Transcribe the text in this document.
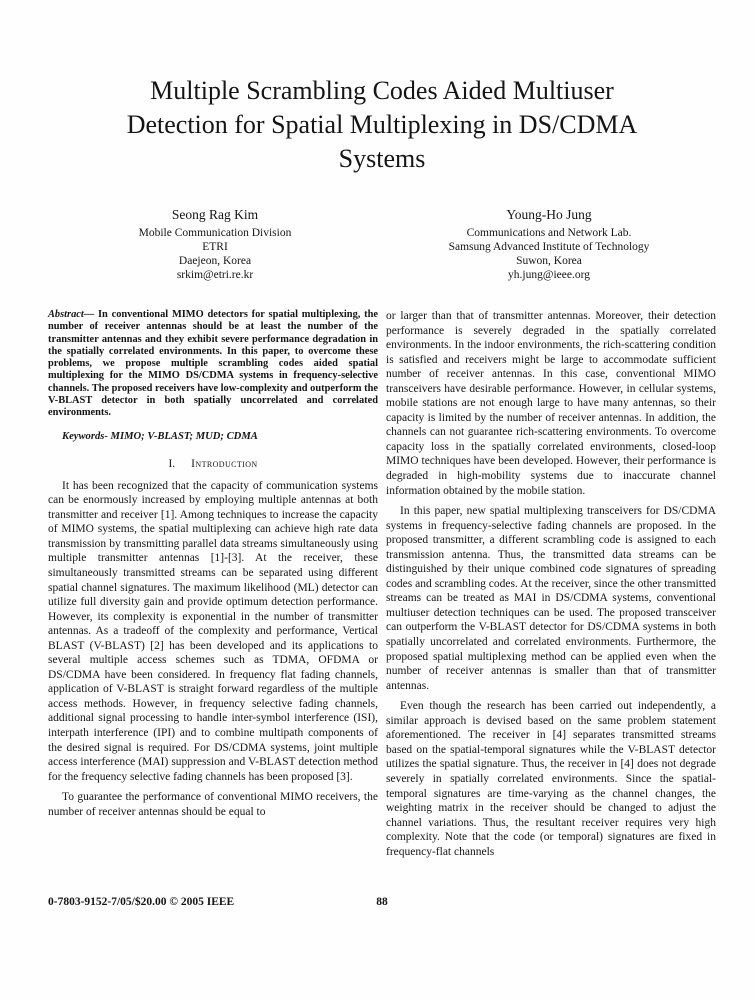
Multiple Scrambling Codes Aided Multiuser
Detection for Spatial Multiplexing in DS/CDMA
Systems
Seong Rag Kim
Mobile Communication Division
ETRI
Daejeon, Korea
srkim@etri.re.kr
Young-Ho Jung
Communications and Network Lab.
Samsung Advanced Institute of Technology
Suwon, Korea
yh.jung@ieee.org

Abstract— In conventional MIMO detectors for spatial multiplexing, the number of receiver antennas should be at least the number of the transmitter antennas and they exhibit severe performance degradation in the spatially correlated environments. In this paper, to overcome these problems, we propose multiple scrambling codes aided spatial multiplexing for the MIMO DS/CDMA systems in frequency-selective channels. The proposed receivers have low-complexity and outperform the V-BLAST detector in both spatially uncorrelated and correlated environments.

Keywords- MIMO; V-BLAST; MUD; CDMA

I. Introduction

It has been recognized that the capacity of communication systems can be enormously increased by employing multiple antennas at both transmitter and receiver [1]. Among techniques to increase the capacity of MIMO systems, the spatial multiplexing can achieve high rate data transmission by transmitting parallel data streams simultaneously using multiple transmitter antennas [1]-[3]. At the receiver, these simultaneously transmitted streams can be separated using different spatial channel signatures. The maximum likelihood (ML) detector can utilize full diversity gain and provide optimum detection performance. However, its complexity is exponential in the number of transmitter antennas. As a tradeoff of the complexity and performance, Vertical BLAST (V-BLAST) [2] has been developed and its applications to several multiple access schemes such as TDMA, OFDMA or DS/CDMA have been considered. In frequency flat fading channels, application of V-BLAST is straight forward regardless of the multiple access methods. However, in frequency selective fading channels, additional signal processing to handle inter-symbol interference (ISI), interpath interference (IPI) and to combine multipath components of the desired signal is required. For DS/CDMA systems, joint multiple access interference (MAI) suppression and V-BLAST detection method for the frequency selective fading channels has been proposed [3].

To guarantee the performance of conventional MIMO receivers, the number of receiver antennas should be equal to

or larger than that of transmitter antennas. Moreover, their detection performance is severely degraded in the spatially correlated environments. In the indoor environments, the rich-scattering condition is satisfied and receivers might be large to accommodate sufficient number of receiver antennas. In this case, conventional MIMO transceivers have desirable performance. However, in cellular systems, mobile stations are not enough large to have many antennas, so their capacity is limited by the number of receiver antennas. In addition, the channels can not guarantee rich-scattering environments. To overcome capacity loss in the spatially correlated environments, closed-loop MIMO techniques have been developed. However, their performance is degraded in high-mobility systems due to inaccurate channel information obtained by the mobile station.

In this paper, new spatial multiplexing transceivers for DS/CDMA systems in frequency-selective fading channels are proposed. In the proposed transmitter, a different scrambling code is assigned to each transmission antenna. Thus, the transmitted data streams can be distinguished by their unique combined code signatures of spreading codes and scrambling codes. At the receiver, since the other transmitted streams can be treated as MAI in DS/CDMA systems, conventional multiuser detection techniques can be used. The proposed transceiver can outperform the V-BLAST detector for DS/CDMA systems in both spatially uncorrelated and correlated environments. Furthermore, the proposed spatial multiplexing method can be applied even when the number of receiver antennas is smaller than that of transmitter antennas.

Even though the research has been carried out independently, a similar approach is devised based on the same problem statement aforementioned. The receiver in [4] separates transmitted streams based on the spatial-temporal signatures while the V-BLAST detector utilizes the spatial signature. Thus, the receiver in [4] does not degrade severely in spatially correlated environments. Since the spatial-temporal signatures are time-varying as the channel changes, the weighting matrix in the receiver should be changed to adjust the channel variations. Thus, the resultant receiver requires very high complexity. Note that the code (or temporal) signatures are fixed in frequency-flat channels

0-7803-9152-7/05/$20.00 © 2005 IEEE	88
